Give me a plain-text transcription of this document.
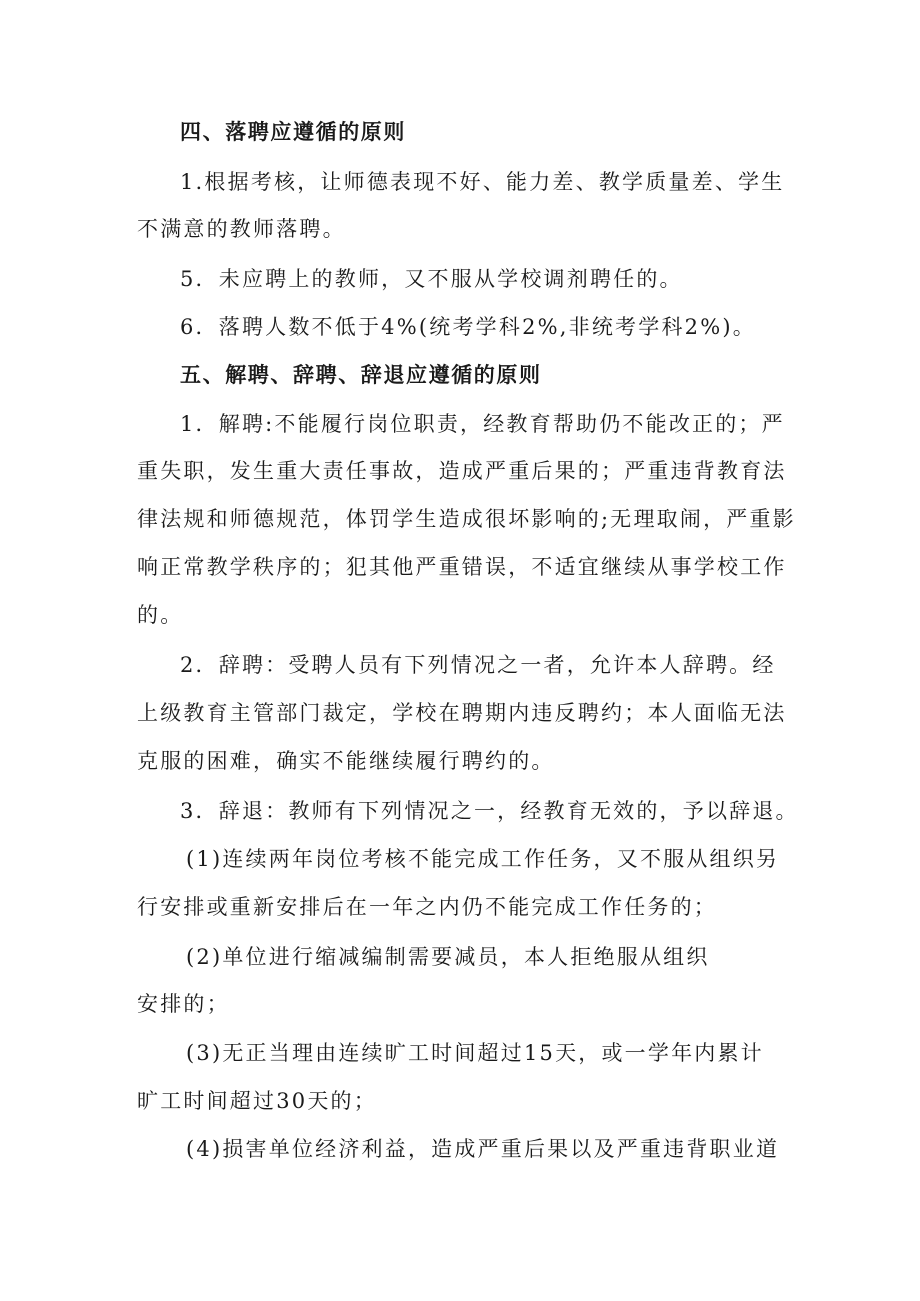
四、落聘应遵循的原则
1.根据考核，让师德表现不好、能力差、教学质量差、学生
不满意的教师落聘。
5．未应聘上的教师，又不服从学校调剂聘任的。
6．落聘人数不低于4%(统考学科2%,非统考学科2%)。
五、解聘、辞聘、辞退应遵循的原则
1．解聘:不能履行岗位职责，经教育帮助仍不能改正的；严
重失职，发生重大责任事故，造成严重后果的；严重违背教育法
律法规和师德规范，体罚学生造成很坏影响的;无理取闹，严重影
响正常教学秩序的；犯其他严重错误，不适宜继续从事学校工作
的。
2．辞聘：受聘人员有下列情况之一者，允许本人辞聘。经
上级教育主管部门裁定，学校在聘期内违反聘约；本人面临无法
克服的困难，确实不能继续履行聘约的。
3．辞退：教师有下列情况之一，经教育无效的，予以辞退。
(1)连续两年岗位考核不能完成工作任务，又不服从组织另
行安排或重新安排后在一年之内仍不能完成工作任务的；
(2)单位进行缩减编制需要减员，本人拒绝服从组织
安排的；
(3)无正当理由连续旷工时间超过15天，或一学年内累计
旷工时间超过30天的；
(4)损害单位经济利益，造成严重后果以及严重违背职业道
